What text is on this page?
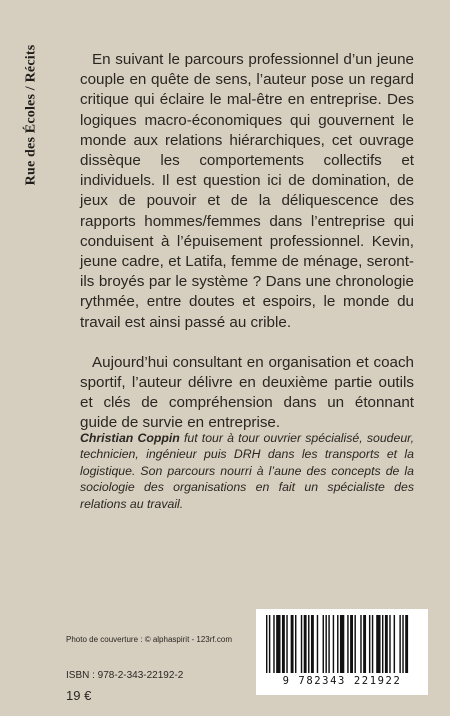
Rue des Écoles / Récits	En suivant le parcours professionnel d’un jeune couple en quête de sens, l’auteur pose un regard critique qui éclaire le mal-être en entreprise. Des logiques macro-économiques qui gouvernent le monde aux relations hiérarchiques, cet ouvrage dissèque les comportements collectifs et individuels. Il est question ici de domination, de jeux de pouvoir et de la déliquescence des rapports hommes/femmes dans l’entreprise qui conduisent à l’épuisement professionnel. Kevin, jeune cadre, et Latifa, femme de ménage, seront-ils broyés par le système ? Dans une chronologie rythmée, entre doutes et espoirs, le monde du travail est ainsi passé au crible.

Aujourd’hui consultant en organisation et coach sportif, l’auteur délivre en deuxième partie outils et clés de compréhension dans un étonnant guide de survie en entreprise.

Christian Coppin fut tour à tour ouvrier spécialisé, soudeur, technicien, ingénieur puis DRH dans les transports et la logistique. Son parcours nourri à l’aune des concepts de la sociologie des organisations en fait un spécialiste des relations au travail.
Photo de couverture : © alphaspirit - 123rf.com
ISBN : 978-2-343-22192-2
19 €
9 782343 221922
